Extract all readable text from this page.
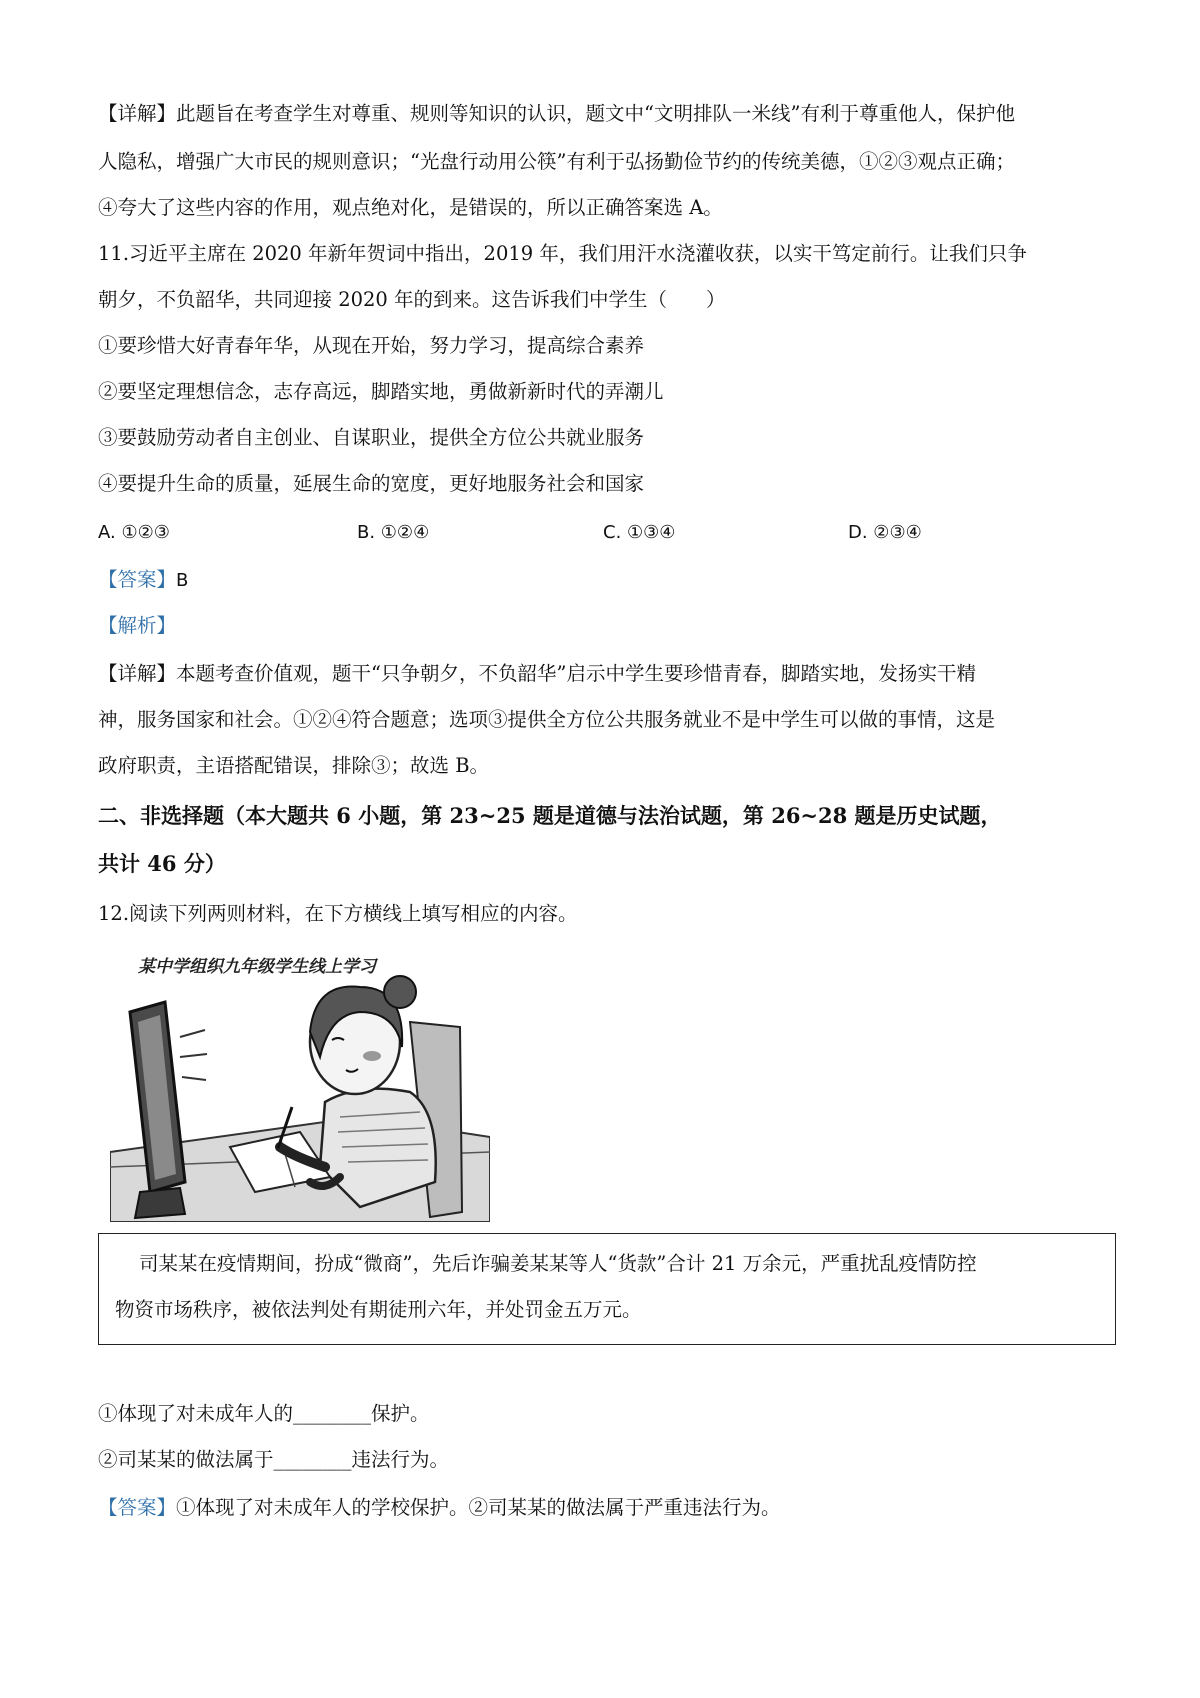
【详解】此题旨在考查学生对尊重、规则等知识的认识，题文中“文明排队一米线”有利于尊重他人，保护他
人隐私，增强广大市民的规则意识；“光盘行动用公筷”有利于弘扬勤俭节约的传统美德，①②③观点正确；
④夸大了这些内容的作用，观点绝对化，是错误的，所以正确答案选 A。
11.习近平主席在 2020 年新年贺词中指出，2019 年，我们用汗水浇灌收获，以实干笃定前行。让我们只争
朝夕，不负韶华，共同迎接 2020 年的到来。这告诉我们中学生（　　）
①要珍惜大好青春年华，从现在开始，努力学习，提高综合素养
②要坚定理想信念，志存高远，脚踏实地，勇做新新时代的弄潮儿
③要鼓励劳动者自主创业、自谋职业，提供全方位公共就业服务
④要提升生命的质量，延展生命的宽度，更好地服务社会和国家
A. ①②③	B. ①②④	C. ①③④	D. ②③④
【答案】B
【解析】
【详解】本题考查价值观，题干“只争朝夕，不负韶华”启示中学生要珍惜青春，脚踏实地，发扬实干精
神，服务国家和社会。①②④符合题意；选项③提供全方位公共服务就业不是中学生可以做的事情，这是
政府职责，主语搭配错误，排除③；故选 B。
二、非选择题（本大题共 6 小题，第 23~25 题是道德与法治试题，第 26~28 题是历史试题，
共计 46 分）
12.阅读下列两则材料，在下方横线上填写相应的内容。
某中学组织九年级学生线上学习
司某某在疫情期间，扮成“微商”，先后诈骗姜某某等人“货款”合计 21 万余元，严重扰乱疫情防控
物资市场秩序，被依法判处有期徒刑六年，并处罚金五万元。
①体现了对未成年人的________保护。
②司某某的做法属于________违法行为。
【答案】①体现了对未成年人的学校保护。②司某某的做法属于严重违法行为。
